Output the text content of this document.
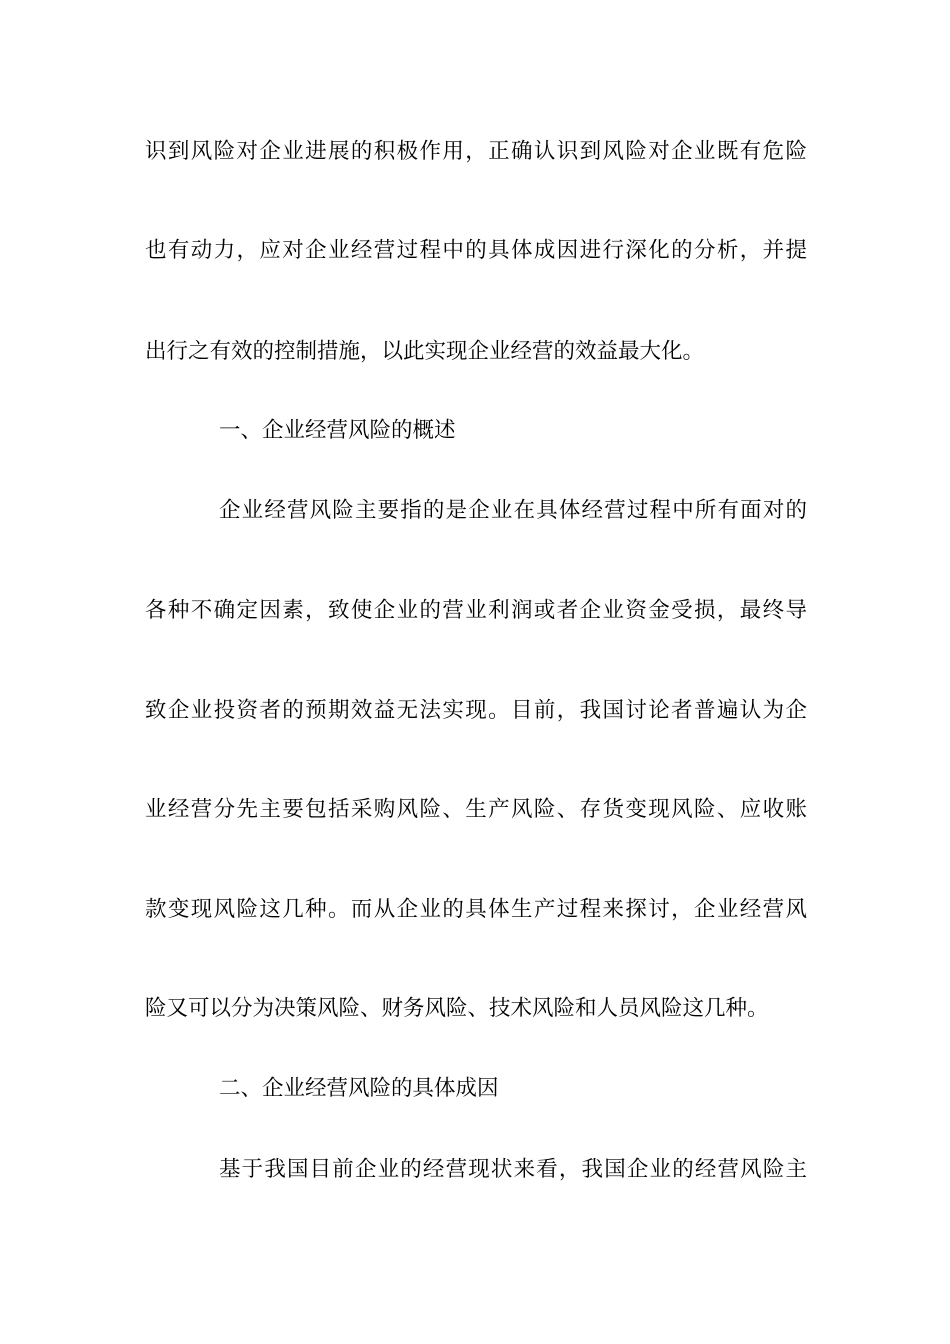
识到风险对企业进展的积极作用，正确认识到风险对企业既有危险
也有动力，应对企业经营过程中的具体成因进行深化的分析，并提
出行之有效的控制措施，以此实现企业经营的效益最大化。
一、企业经营风险的概述
企业经营风险主要指的是企业在具体经营过程中所有面对的
各种不确定因素，致使企业的营业利润或者企业资金受损，最终导
致企业投资者的预期效益无法实现。目前，我国讨论者普遍认为企
业经营分先主要包括采购风险、生产风险、存货变现风险、应收账
款变现风险这几种。而从企业的具体生产过程来探讨，企业经营风
险又可以分为决策风险、财务风险、技术风险和人员风险这几种。
二、企业经营风险的具体成因
基于我国目前企业的经营现状来看，我国企业的经营风险主
